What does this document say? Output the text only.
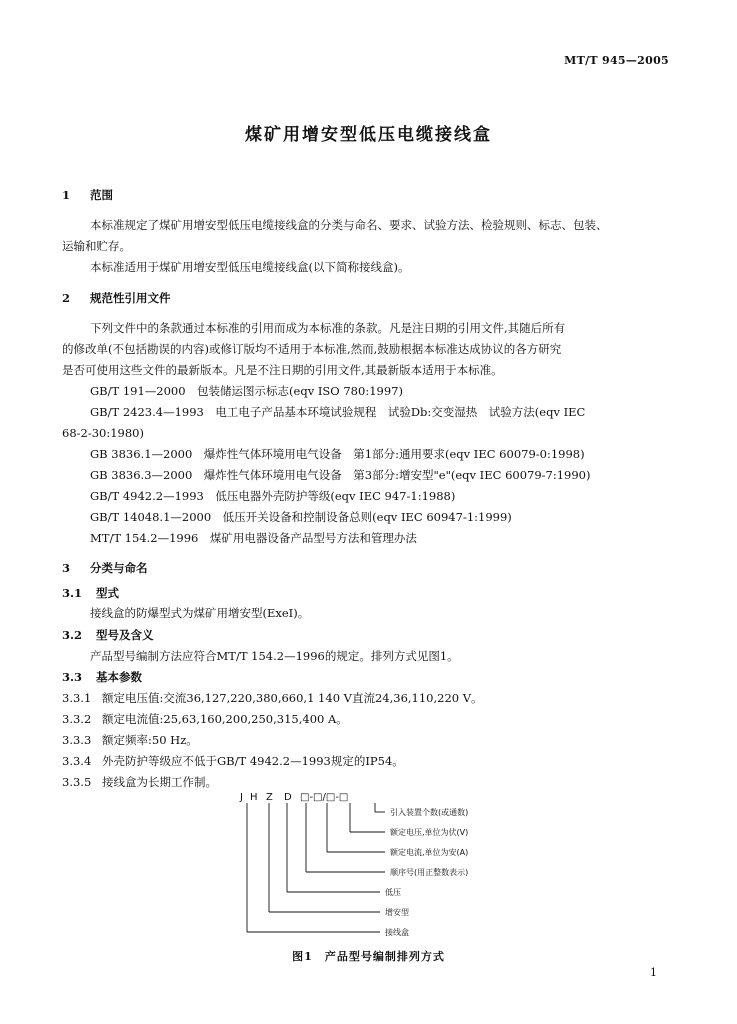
MT/T 945—2005
煤矿用增安型低压电缆接线盒
1 范围
本标准规定了煤矿用增安型低压电缆接线盒的分类与命名、要求、试验方法、检验规则、标志、包装、
运输和贮存。
本标准适用于煤矿用增安型低压电缆接线盒(以下简称接线盒)。
2 规范性引用文件
下列文件中的条款通过本标准的引用而成为本标准的条款。凡是注日期的引用文件,其随后所有
的修改单(不包括勘误的内容)或修订版均不适用于本标准,然而,鼓励根据本标准达成协议的各方研究
是否可使用这些文件的最新版本。凡是不注日期的引用文件,其最新版本适用于本标准。
GB/T 191—2000　包装储运图示标志(eqv ISO 780:1997)
GB/T 2423.4—1993　电工电子产品基本环境试验规程　试验Db:交变湿热　试验方法(eqv IEC
68-2-30:1980)
GB 3836.1—2000　爆炸性气体环境用电气设备　第1部分:通用要求(eqv IEC 60079-0:1998)
GB 3836.3—2000　爆炸性气体环境用电气设备　第3部分:增安型"e"(eqv IEC 60079-7:1990)
GB/T 4942.2—1993　低压电器外壳防护等级(eqv IEC 947-1:1988)
GB/T 14048.1—2000　低压开关设备和控制设备总则(eqv IEC 60947-1:1999)
MT/T 154.2—1996　煤矿用电器设备产品型号方法和管理办法
3 分类与命名
3.1 型式
接线盒的防爆型式为煤矿用增安型(ExeI)。
3.2 型号及含义
产品型号编制方法应符合MT/T 154.2—1996的规定。排列方式见图1。
3.3 基本参数
3.3.1 额定电压值:交流36,127,220,380,660,1 140 V直流24,36,110,220 V。
3.3.2 额定电流值:25,63,160,200,250,315,400 A。
3.3.3 额定频率:50 Hz。
3.3.4 外壳防护等级应不低于GB/T 4942.2—1993规定的IP54。
3.3.5 接线盒为长期工作制。
J H Z D □-□/□-□
引入装置个数(或通数)
额定电压,单位为伏(V)
额定电流,单位为安(A)
顺序号(用正整数表示)
低压
增安型
接线盒
图1　产品型号编制排列方式
1
